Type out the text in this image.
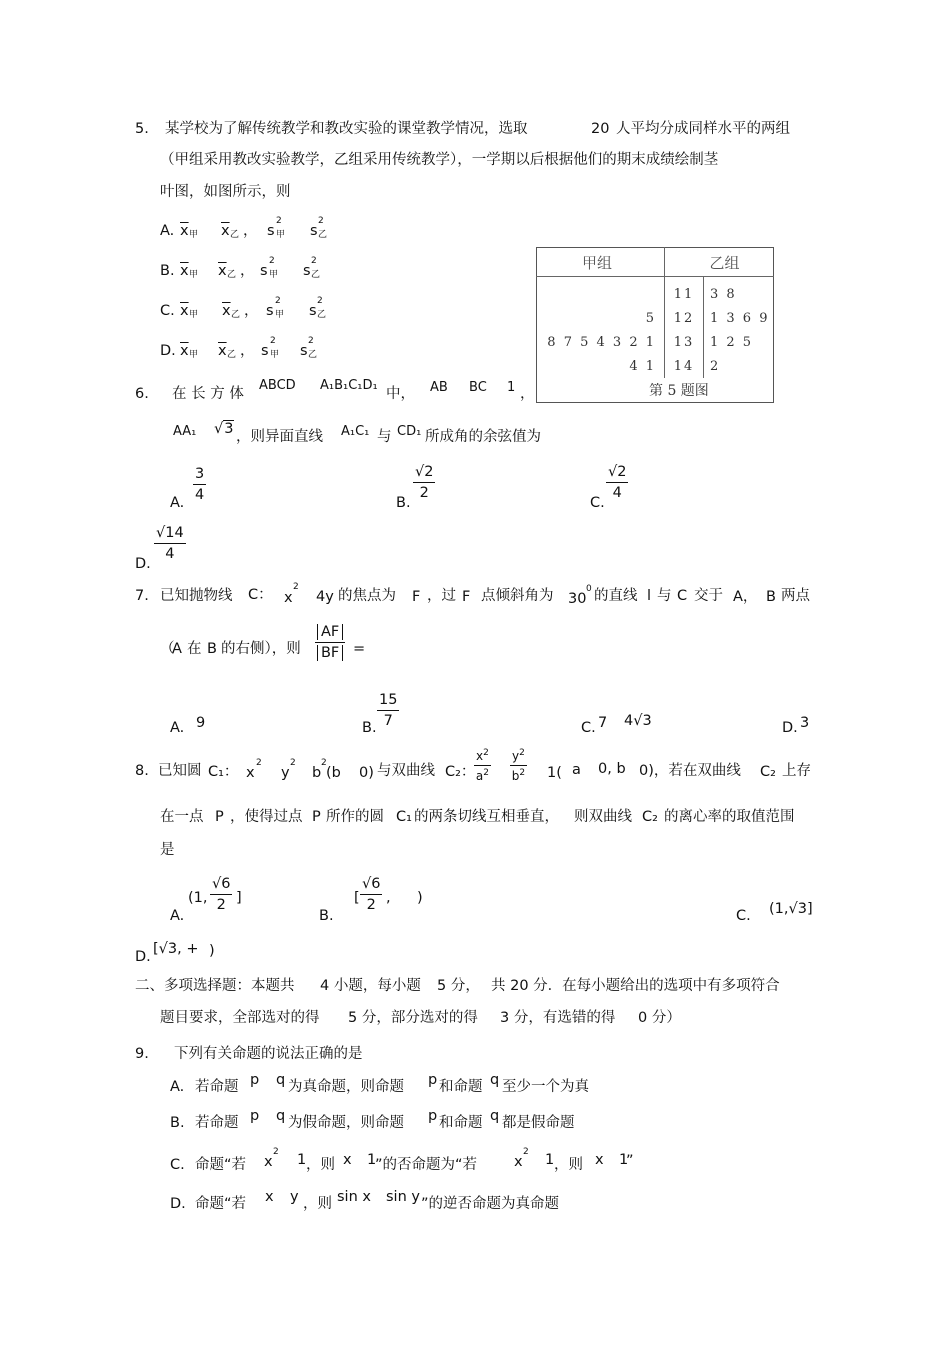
5. 某学校为了解传统教学和教改实验的课堂教学情况，选取	20 人平均分成同样水平的两组
（甲组采用教改实验教学，乙组采用传统教学），一学期以后根据他们的期末成绩绘制茎
叶图，如图所示，则
A. $\overline{x}$ 甲 $\overline{x}$ 乙 ， s
2
甲 s
2
乙
B. $\overline{x}$ 甲 $\overline{x}$ 乙 ， s
2
甲 s
2
乙
C. $\overline{x}$ 甲 $\overline{x}$ 乙 ， s
2
甲 s
2
乙
D. $\overline{x}$ 甲 $\overline{x}$ 乙 ， s
2
甲 s
2
乙
甲组		乙组
	11	3 8
5	12	1 3 6 9
8 7 5 4 3 2 1	13	1 2 5
4 1	14	2
第 5 题图		
6. 在 长 方 体
ABCD A₁B₁C₁D₁
中， AB BC 1 ，
AA₁ √3 ，则异面直线 A₁C₁ 与 CD₁ 所成角的余弦值为
A. $\frac{3}{4}$	B.
$\frac{√2}{2}$
C.
$\frac{√2}{4}$
D.
$\frac{√14}{4}$
7. 已知抛物线 C： x
2
4y 的焦点为 F ，过 F 点倾斜角为 30
0 的直线 l 与 C 交于 A， B 两点
（
A 在 B 的右侧），则 $\frac{AF}{BF}$ =
A. 9	B. $\frac{15}{7}$	C. 7 4√3	D. 3
8. 已知圆 C₁： x
2
y
2
b
2
(b 0) 与双曲线 C₂：
$\frac{x^2}{a^2} \frac{y^2}{b^2} 1$( a 0, b 0)，若在双曲线 C₂ 上存
在一点 P ，使得过点 P 所作的圆 C₁ 的两条切线互相垂直， 则双曲线 C₂ 的离心率的取值范围
是
A.
(1, $\frac{√6}{2}$ ]
B.
[ $\frac{√6}{2}$ , )
C. (1,√3]
D. [√3, + )
二、多项选择题：本题共 4 小题，每小题 5 分， 共 20 分．在每小题给出的选项中有多项符合
题目要求，全部选对的得 5 分，部分选对的得 3 分，有选错的得 0 分）
9. 下列有关命题的说法正确的是
A. 若命题 p q 为真命题，则命题 p 和命题 q 至少一个为真
B. 若命题 p q 为假命题，则命题 p 和命题 q 都是假命题
C. 命题“若 x
2 1 ，则 x 1
”的否命题为“若	x
2 1 ，则 x 1
”
D. 命题“若 x y ，则 sin x sin y ”的逆否命题为真命题
